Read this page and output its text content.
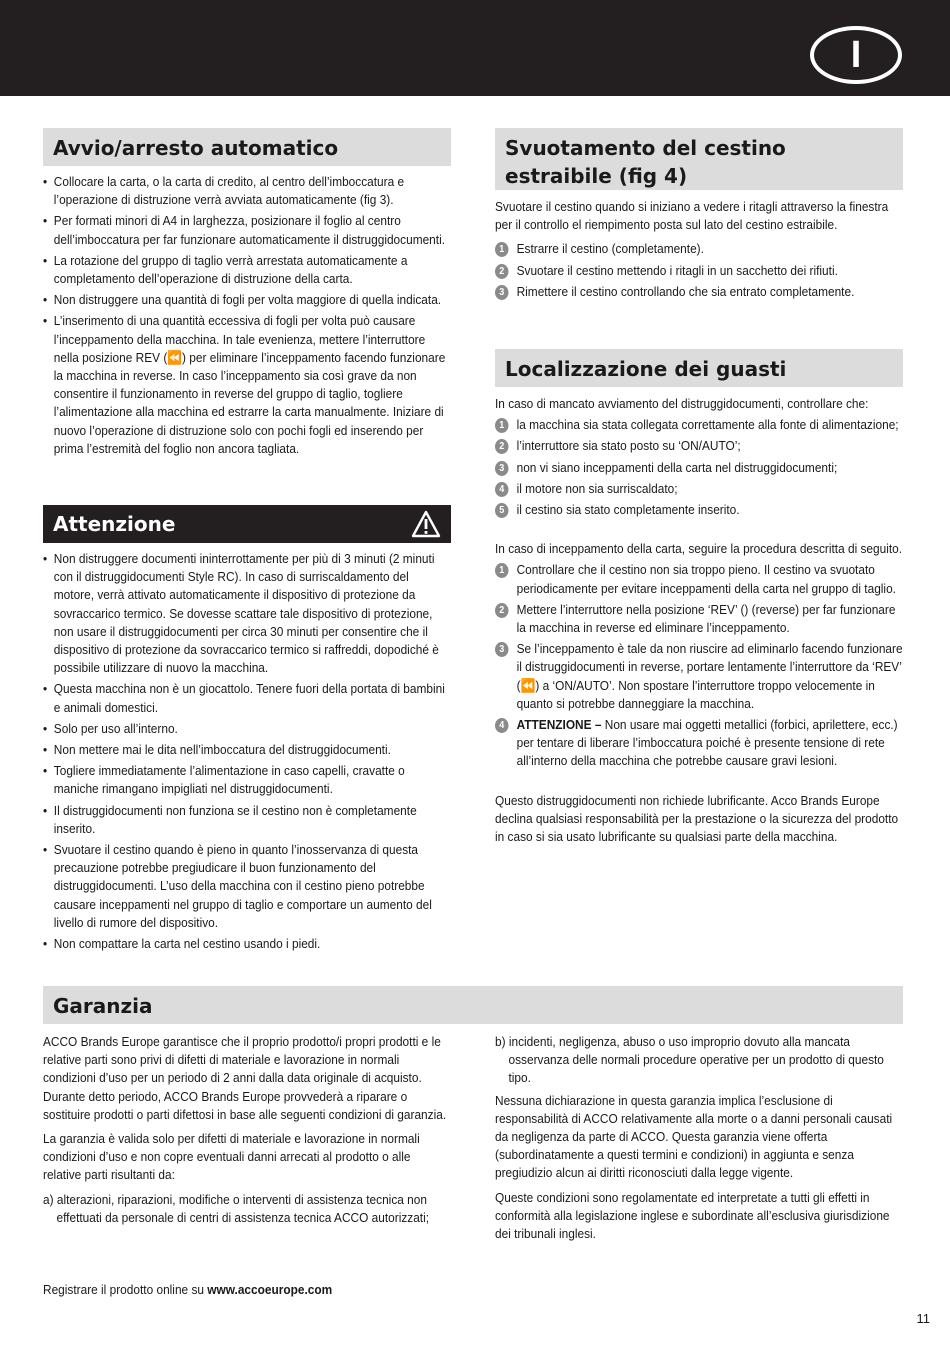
I
Avvio/arresto automatico
• Collocare la carta, o la carta di credito, al centro dell’imboccatura e l’operazione di distruzione verrà avviata automaticamente (fig 3).
• Per formati minori di A4 in larghezza, posizionare il foglio al centro dell’imboccatura per far funzionare automaticamente il distruggidocumenti.
• La rotazione del gruppo di taglio verrà arrestata automaticamente a completamento dell’operazione di distruzione della carta.
• Non distruggere una quantità di fogli per volta maggiore di quella indicata.
• L’inserimento di una quantità eccessiva di fogli per volta può causare l’inceppamento della macchina. In tale evenienza, mettere l’interruttore nella posizione REV (⏪) per eliminare l’inceppamento facendo funzionare la macchina in reverse. In caso l’inceppamento sia così grave da non consentire il funzionamento in reverse del gruppo di taglio, togliere l’alimentazione alla macchina ed estrarre la carta manualmente. Iniziare di nuovo l’operazione di distruzione solo con pochi fogli ed inserendo per prima l’estremità del foglio non ancora tagliata.
Attenzione
• Non distruggere documenti ininterrottamente per più di 3 minuti (2 minuti con il distruggidocumenti Style RC). In caso di surriscaldamento del motore, verrà attivato automaticamente il dispositivo di protezione da sovraccarico termico. Se dovesse scattare tale dispositivo di protezione, non usare il distruggidocumenti per circa 30 minuti per consentire che il dispositivo di protezione da sovraccarico termico si raffreddi, dopodiché è possibile utilizzare di nuovo la macchina.
• Questa macchina non è un giocattolo. Tenere fuori della portata di bambini e animali domestici.
• Solo per uso all’interno.
• Non mettere mai le dita nell’imboccatura del distruggidocumenti.
• Togliere immediatamente l’alimentazione in caso capelli, cravatte o maniche rimangano impigliati nel distruggidocumenti.
• Il distruggidocumenti non funziona se il cestino non è completamente inserito.
• Svuotare il cestino quando è pieno in quanto l’inosservanza di questa precauzione potrebbe pregiudicare il buon funzionamento del distruggidocumenti. L’uso della macchina con il cestino pieno potrebbe causare inceppamenti nel gruppo di taglio e comportare un aumento del livello di rumore del dispositivo.
• Non compattare la carta nel cestino usando i piedi.
Svuotamento del cestino estraibile (fig 4)

Svuotare il cestino quando si iniziano a vedere i ritagli attraverso la finestra per il controllo el riempimento posta sul lato del cestino estraibile.

1 Estrarre il cestino (completamente).
2 Svuotare il cestino mettendo i ritagli in un sacchetto dei rifiuti.
3 Rimettere il cestino controllando che sia entrato completamente.
Localizzazione dei guasti

In caso di mancato avviamento del distruggidocumenti, controllare che:

1 la macchina sia stata collegata correttamente alla fonte di alimentazione;
2 l’interruttore sia stato posto su ‘ON/AUTO’;
3 non vi siano inceppamenti della carta nel distruggidocumenti;
4 il motore non sia surriscaldato;
5 il cestino sia stato completamente inserito.

In caso di inceppamento della carta, seguire la procedura descritta di seguito.

1 Controllare che il cestino non sia troppo pieno. Il cestino va svuotato periodicamente per evitare inceppamenti della carta nel gruppo di taglio.
2 Mettere l’interruttore nella posizione ‘REV’ () (reverse) per far funzionare la macchina in reverse ed eliminare l’inceppamento.
3 Se l’inceppamento è tale da non riuscire ad eliminarlo facendo funzionare il distruggidocumenti in reverse, portare lentamente l’interruttore da ‘REV’ (⏪) a ‘ON/AUTO’. Non spostare l’interruttore troppo velocemente in quanto si potrebbe danneggiare la macchina.
4 ATTENZIONE – Non usare mai oggetti metallici (forbici, aprilettere, ecc.) per tentare di liberare l’imboccatura poiché è presente tensione di rete all’interno della macchina che potrebbe causare gravi lesioni.

Questo distruggidocumenti non richiede lubrificante. Acco Brands Europe declina qualsiasi responsabilità per la prestazione o la sicurezza del prodotto in caso si sia usato lubrificante su qualsiasi parte della macchina.

Garanzia

ACCO Brands Europe garantisce che il proprio prodotto/i propri prodotti e le relative parti sono privi di difetti di materiale e lavorazione in normali condizioni d’uso per un periodo di 2 anni dalla data originale di acquisto. Durante detto periodo, ACCO Brands Europe provvederà a riparare o sostituire prodotti o parti difettosi in base alle seguenti condizioni di garanzia.

La garanzia è valida solo per difetti di materiale e lavorazione in normali condizioni d’uso e non copre eventuali danni arrecati al prodotto o alle relative parti risultanti da:

a) alterazioni, riparazioni, modifiche o interventi di assistenza tecnica non effettuati da personale di centri di assistenza tecnica ACCO autorizzati;
b) incidenti, negligenza, abuso o uso improprio dovuto alla mancata osservanza delle normali procedure operative per un prodotto di questo tipo.

Nessuna dichiarazione in questa garanzia implica l’esclusione di responsabilità di ACCO relativamente alla morte o a danni personali causati da negligenza da parte di ACCO. Questa garanzia viene offerta (subordinatamente a questi termini e condizioni) in aggiunta e senza pregiudizio alcun ai diritti riconosciuti dalla legge vigente.

Queste condizioni sono regolamentate ed interpretate a tutti gli effetti in conformità alla legislazione inglese e subordinate all’esclusiva giurisdizione dei tribunali inglesi.

Registrare il prodotto online su www.accoeurope.com
11
